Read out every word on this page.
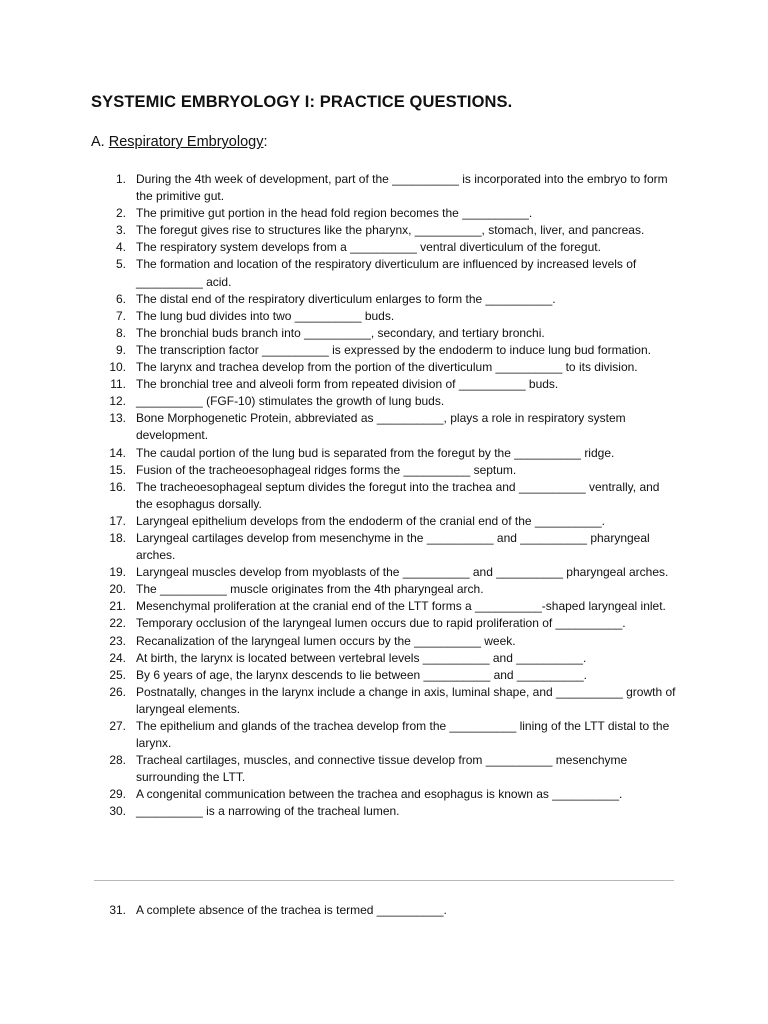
SYSTEMIC EMBRYOLOGY I: PRACTICE QUESTIONS.
A. Respiratory Embryology:
1. During the 4th week of development, part of the __________ is incorporated into the embryo to form the primitive gut.
2. The primitive gut portion in the head fold region becomes the __________.
3. The foregut gives rise to structures like the pharynx, __________, stomach, liver, and pancreas.
4. The respiratory system develops from a __________ ventral diverticulum of the foregut.
5. The formation and location of the respiratory diverticulum are influenced by increased levels of __________ acid.
6. The distal end of the respiratory diverticulum enlarges to form the __________.
7. The lung bud divides into two __________ buds.
8. The bronchial buds branch into __________, secondary, and tertiary bronchi.
9. The transcription factor __________ is expressed by the endoderm to induce lung bud formation.
10. The larynx and trachea develop from the portion of the diverticulum __________ to its division.
11. The bronchial tree and alveoli form from repeated division of __________ buds.
12. __________ (FGF-10) stimulates the growth of lung buds.
13. Bone Morphogenetic Protein, abbreviated as __________, plays a role in respiratory system development.
14. The caudal portion of the lung bud is separated from the foregut by the __________ ridge.
15. Fusion of the tracheoesophageal ridges forms the __________ septum.
16. The tracheoesophageal septum divides the foregut into the trachea and __________ ventrally, and the esophagus dorsally.
17. Laryngeal epithelium develops from the endoderm of the cranial end of the __________.
18. Laryngeal cartilages develop from mesenchyme in the __________ and __________ pharyngeal arches.
19. Laryngeal muscles develop from myoblasts of the __________ and __________ pharyngeal arches.
20. The __________ muscle originates from the 4th pharyngeal arch.
21. Mesenchymal proliferation at the cranial end of the LTT forms a __________-shaped laryngeal inlet.
22. Temporary occlusion of the laryngeal lumen occurs due to rapid proliferation of __________.
23. Recanalization of the laryngeal lumen occurs by the __________ week.
24. At birth, the larynx is located between vertebral levels __________ and __________.
25. By 6 years of age, the larynx descends to lie between __________ and __________.
26. Postnatally, changes in the larynx include a change in axis, luminal shape, and __________ growth of laryngeal elements.
27. The epithelium and glands of the trachea develop from the __________ lining of the LTT distal to the larynx.
28. Tracheal cartilages, muscles, and connective tissue develop from __________ mesenchyme surrounding the LTT.
29. A congenital communication between the trachea and esophagus is known as __________.
30. __________ is a narrowing of the tracheal lumen.
31. A complete absence of the trachea is termed __________.
